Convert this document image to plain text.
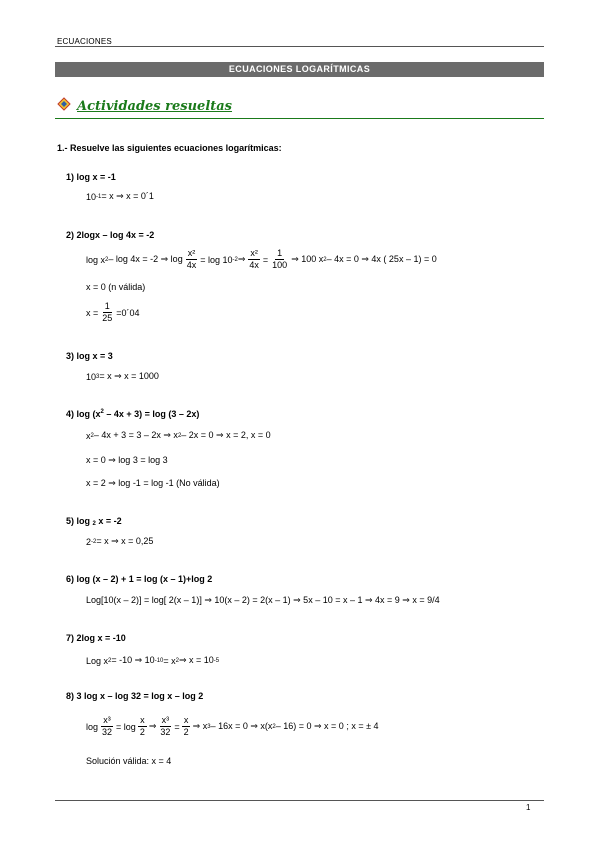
ECUACIONES
ECUACIONES LOGARÍTMICAS
Actividades resueltas
1.- Resuelve las siguientes ecuaciones logarítmicas:
1) log x = -1
10 -1 = x ⇒ x = 0´1
2) 2logx – log 4x = -2
log x 2 – log 4x = -2 ⇒ $\log \frac{\text{x²}}{4x} = \log 10$ -2 ⇒ $\frac{\text{x²}}{4x} = \frac{1}{100}$ ⇒ 100 x 2 – 4x = 0 ⇒ 4x ( 25x – 1) = 0
x = 0 (n válida)
$x = \frac{1}{25}$ =0´04
3) log x = 3
10 3 = x ⇒ x = 1000
4) $\log (x^2 - 4x + 3) = \log (3 - 2x)$
x 2 – 4x + 3 = 3 – 2x ⇒ x 2 – 2x = 0 ⇒ x = 2, x = 0
x = 0 ⇒ log 3 = log 3
x = 2 ⇒ log -1 = log -1 (No válida)
5) log $_2$ x = -2
2 -2 = x ⇒ x = 0,25
6) log (x – 2) + 1 = log (x – 1)+log 2
Log[10(x – 2)] = log[ 2(x – 1)] ⇒ 10(x – 2) = 2(x – 1) ⇒ 5x – 10 = x – 1 ⇒ 4x = 9 ⇒ x = 9/4
7) 2log x = -10
Log x 2 = -10 ⇒ 10 -10 = x 2 ⇒ x = 10 -5
8) 3 log x – log 32 = log x – log 2
$\log \frac{\text{x³}}{32} = \log \frac{x}{2}$ ⇒ $\frac{\text{x³}}{32} = \frac{x}{2}$ ⇒ x 3 – 16x = 0 ⇒ x(x 2 – 16) = 0 ⇒ x = 0 ; x = ± 4
Solución válida: x = 4
1
